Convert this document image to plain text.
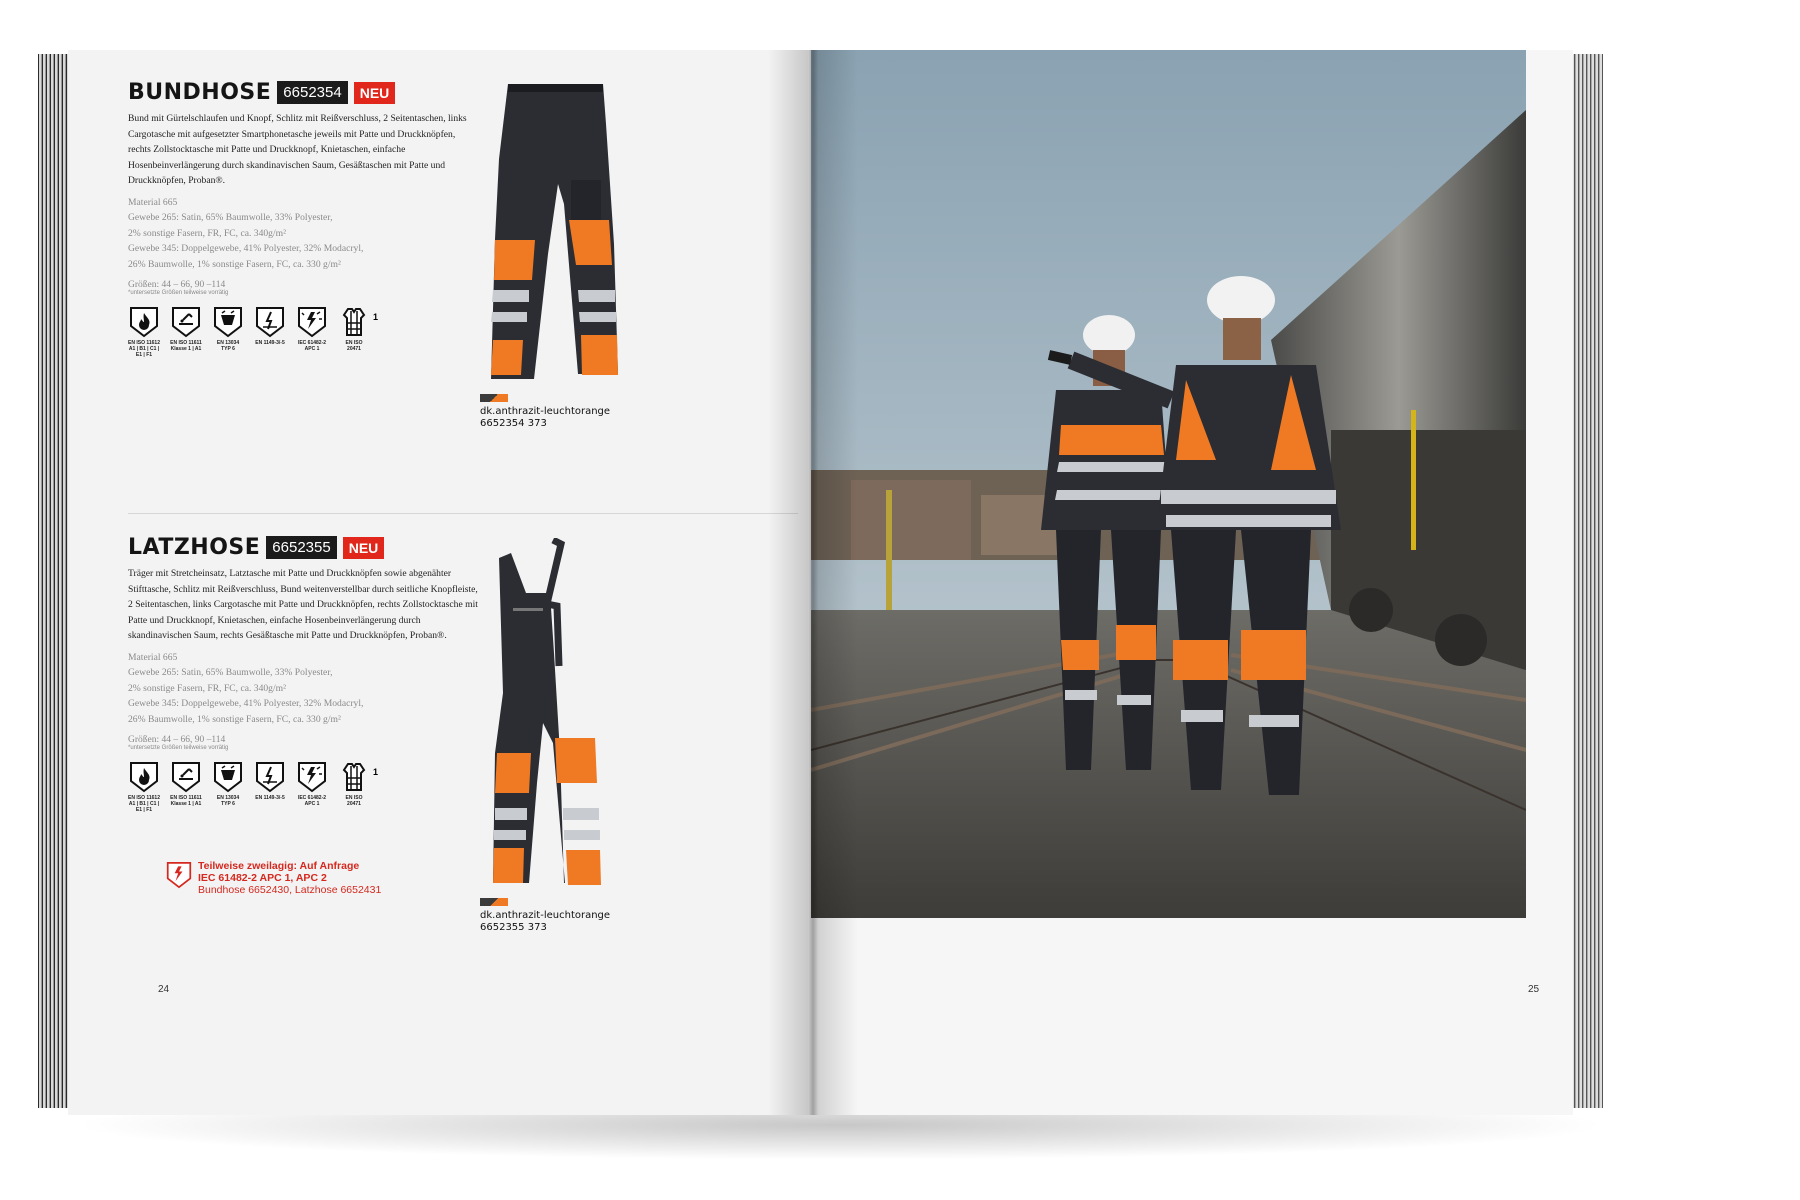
BUNDHOSE 6652354	NEU
Bund mit Gürtelschlaufen und Knopf, Schlitz mit Reißverschluss, 2 Seitentaschen, links Cargotasche mit aufgesetzter Smartphonetasche jeweils mit Patte und Druckknöpfen, rechts Zollstocktasche mit Patte und Druckknopf, Knietaschen, einfache Hosenbeinverlängerung durch skandinavischen Saum, Gesäßtaschen mit Patte und Druckknöpfen, Proban®.
Material 665
Gewebe 265: Satin, 65% Baumwolle, 33% Polyester,
2% sonstige Fasern, FR, FC, ca. 340g/m²
Gewebe 345: Doppelgewebe, 41% Polyester, 32% Modacryl,
26% Baumwolle, 1% sonstige Fasern, FC, ca. 330 g/m²
Größen: 44 – 66, 90 –114
*untersetzte Größen teilweise vorrätig
EN ISO 11612
A1 | B1 | C1 | E1 | F1
EN ISO 11611
Klasse 1 | A1
EN 13034 TYP 6
EN 1149-3/-5	IEC 61482-2
APC 1
EN ISO 20471
1
dk.anthrazit-leuchtorange
6652354 373
LATZHOSE 6652355	NEU
Träger mit Stretcheinsatz, Latztasche mit Patte und Druckknöpfen sowie abgenähter Stifttasche, Schlitz mit Reißverschluss, Bund weitenverstellbar durch seitliche Knopfleiste, 2 Seitentaschen, links Cargotasche mit Patte und Druckknöpfen, rechts Zollstocktasche mit Patte und Druckknopf, Knietaschen, einfache Hosenbeinverlängerung durch skandinavischen Saum, rechts Gesäßtasche mit Patte und Druckknöpfen, Proban®.
Material 665
Gewebe 265: Satin, 65% Baumwolle, 33% Polyester,
2% sonstige Fasern, FR, FC, ca. 340g/m²
Gewebe 345: Doppelgewebe, 41% Polyester, 32% Modacryl,
26% Baumwolle, 1% sonstige Fasern, FC, ca. 330 g/m²
Größen: 44 – 66, 90 –114
*untersetzte Größen teilweise vorrätig
EN ISO 11612
A1 | B1 | C1 | E1 | F1
EN ISO 11611
Klasse 1 | A1
EN 13034 TYP 6
EN 1149-3/-5	IEC 61482-2
APC 1
EN ISO 20471
1
dk.anthrazit-leuchtorange
6652355 373
Teilweise zweilagig: Auf Anfrage
IEC 61482-2 APC 1, APC 2
Bundhose 6652430, Latzhose 6652431
24	25
